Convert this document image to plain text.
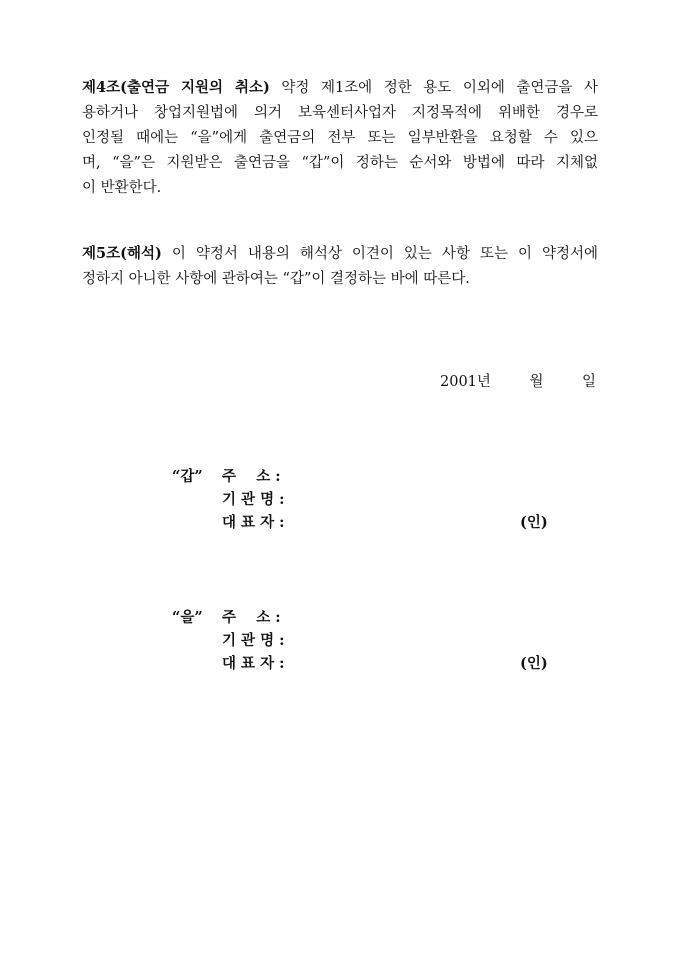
제4조(출연금 지원의 취소) 약정 제1조에 정한 용도 이외에 출연금을 사
용하거나 창업지원법에 의거 보육센터사업자 지정목적에 위배한 경우로
인정될 때에는 “을”에게 출연금의 전부 또는 일부반환을 요청할 수 있으
며, “을”은 지원받은 출연금을 “갑”이 정하는 순서와 방법에 따라 지체없
이 반환한다.
제5조(해석) 이 약정서 내용의 해석상 이견이 있는 사항 또는 이 약정서에
정하지 아니한 사항에 관하여는 “갑”이 결정하는 바에 따른다.
2001년	월	일
“갑” 주    소 :
기 관 명 :
대 표 자 :	(인)
“을” 주    소 :
기 관 명 :
대 표 자 :	(인)
